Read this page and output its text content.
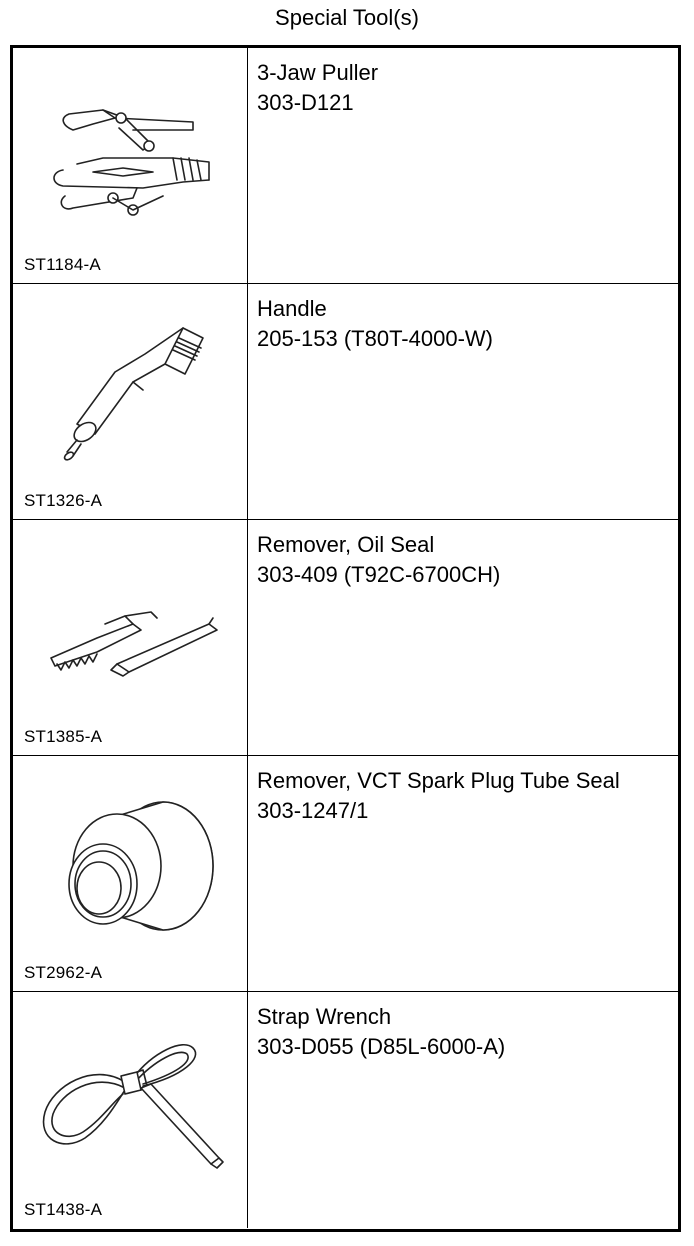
Special Tool(s)
ST1184-A
3-Jaw Puller
303-D121
ST1326-A
Handle
205-153 (T80T-4000-W)
ST1385-A
Remover, Oil Seal
303-409 (T92C-6700CH)
ST2962-A
Remover, VCT Spark Plug Tube Seal
303-1247/1
ST1438-A
Strap Wrench
303-D055 (D85L-6000-A)
